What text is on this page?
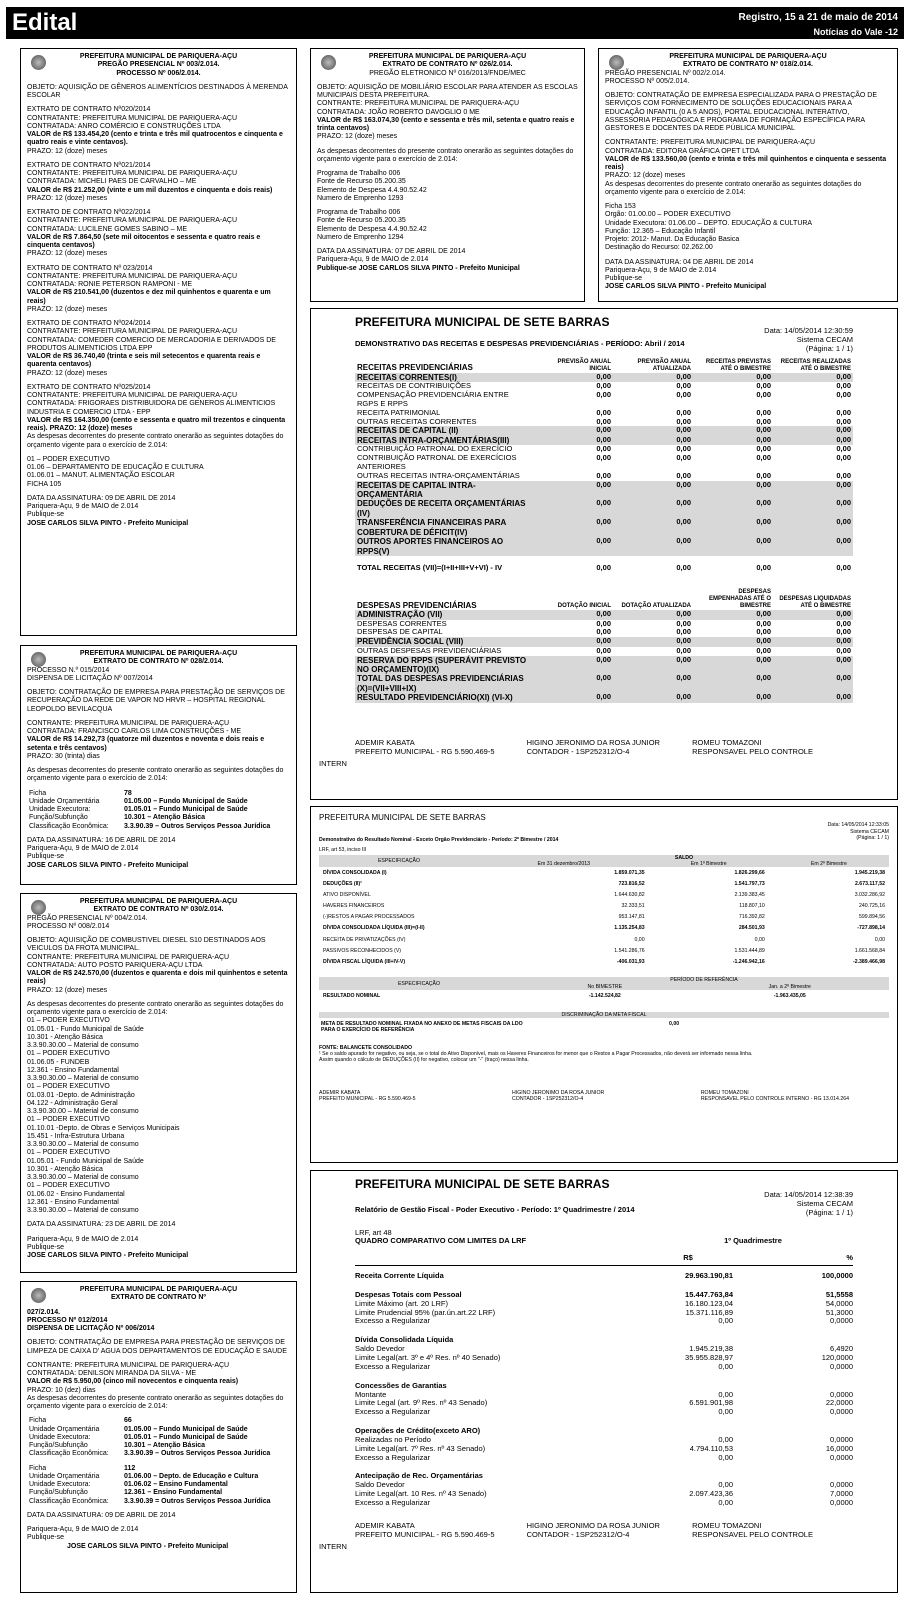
Edital	Registro, 15 a 21 de maio de 2014
Notícias do Vale -12

PREFEITURA MUNICIPAL DE PARIQUERA-AÇU

PREGÃO PRESENCIAL Nº 003/2.014.

PROCESSO Nº 006/2.014.

OBJETO: AQUISIÇÃO DE GÊNEROS ALIMENTÍCIOS DESTINADOS À MERENDA ESCOLAR

EXTRATO DE CONTRATO Nº020/2014

CONTRATANTE: PREFEITURA MUNICIPAL DE PARIQUERA-AÇU

CONTRATADA: ANRO COMÉRCIO E CONSTRUÇÕES LTDA

VALOR de R$ 133.454,20 (cento e trinta e três mil quatrocentos e cinquenta e quatro reais e vinte centavos).

PRAZO: 12 (doze) meses

EXTRATO DE CONTRATO Nº021/2014

CONTRATANTE: PREFEITURA MUNICIPAL DE PARIQUERA-AÇU

CONTRATADA: MICHELI PAES DE CARVALHO – ME

VALOR de R$ 21.252,00 (vinte e um mil duzentos e cinquenta e dois reais)

PRAZO: 12 (doze) meses

EXTRATO DE CONTRATO Nº022/2014

CONTRATANTE: PREFEITURA MUNICIPAL DE PARIQUERA-AÇU

CONTRATADA: LUCILENE GOMES SABINO – ME

VALOR de R$ 7.864,50 (sete mil oitocentos e sessenta e quatro reais e cinquenta centavos)

PRAZO: 12 (doze) meses

EXTRATO DE CONTRATO Nº 023/2014

CONTRATANTE: PREFEITURA MUNICIPAL DE PARIQUERA-AÇU

CONTRATADA: RONIE PETERSON RAMPONI - ME

VALOR de R$ 210.541,00 (duzentos e dez mil quinhentos e quarenta e um reais)

PRAZO: 12 (doze) meses

EXTRATO DE CONTRATO Nº024/2014

CONTRATANTE: PREFEITURA MUNICIPAL DE PARIQUERA-AÇU

CONTRATADA: COMEDER COMERCIO DE MERCADORIA E DERIVADOS DE PRODUTOS ALIMENTICIOS LTDA EPP

VALOR de R$ 36.740,40 (trinta e seis mil setecentos e quarenta reais e quarenta centavos)

PRAZO: 12 (doze) meses

EXTRATO DE CONTRATO Nº025/2014

CONTRATANTE: PREFEITURA MUNICIPAL DE PARIQUERA-AÇU

CONTRATADA: FRIGORAES DISTRIBUIDORA DE GENEROS ALIMENTICIOS INDUSTRIA E COMERCIO LTDA - EPP

VALOR de R$ 164.350,00 (cento e sessenta e quatro mil trezentos e cinquenta reais). PRAZO: 12 (doze) meses

As despesas decorrentes do presente contrato onerarão as seguintes dotações do orçamento vigente para o exercício de 2.014:

01 – PODER EXECUTIVO

01.06 – DEPARTAMENTO DE EDUCAÇÃO E CULTURA

01.06.01 – MANUT. ALIMENTAÇÃO ESCOLAR

FICHA 105

DATA DA ASSINATURA: 09 DE ABRIL DE 2014

Pariquera-Açu, 9 de MAIO de 2.014

Publique-se

JOSE CARLOS SILVA PINTO - Prefeito Municipal

PREFEITURA MUNICIPAL DE PARIQUERA-AÇU

EXTRATO DE CONTRATO Nº 026/2.014.

PREGÃO ELETRONICO Nº 016/2013/FNDE/MEC

OBJETO: AQUISIÇÃO DE MOBILIÁRIO ESCOLAR PARA ATENDER AS ESCOLAS MUNICIPAIS DESTA PREFEITURA.

CONTRANTE: PREFEITURA MUNICIPAL DE PARIQUERA-AÇU

CONTRATADA: JOÃO ROBERTO DAVOGLIO 0 ME

VALOR de R$ 163.074,30 (cento e sessenta e três mil, setenta e quatro reais e trinta centavos)

PRAZO: 12 (doze) meses

As despesas decorrentes do presente contrato onerarão as seguintes dotações do orçamento vigente para o exercício de 2.014:

Programa de Trabalho 006

Fonte de Recurso 05.200.35

Elemento de Despesa 4.4.90.52.42

Numero de Emprenho 1293

Programa de Trabalho 006

Fonte de Recurso 05.200.35

Elemento de Despesa 4.4.90.52.42

Numero de Emprenho 1294

DATA DA ASSINATURA: 07 DE ABRIL DE 2014

Pariquera-Açu, 9 de MAIO de 2.014

Publique-se JOSE CARLOS SILVA PINTO - Prefeito Municipal

PREFEITURA MUNICIPAL DE PARIQUERA-AÇU

EXTRATO DE CONTRATO Nº 018/2.014.

PREGÃO PRESENCIAL Nº 002/2.014.

PROCESSO Nº 005/2.014.

OBJETO: CONTRATAÇÃO DE EMPRESA ESPECIALIZADA PARA O PRESTAÇÃO DE SERVIÇOS COM FORNECIMENTO DE SOLUÇÕES EDUCACIONAIS PARA A EDUCAÇÃO INFANTIL (0 A 5 ANOS), PORTAL EDUCACIONAL INTERATIVO, ASSESSORIA PEDAGÓGICA E PROGRAMA DE FORMAÇÃO ESPECÍFICA PARA GESTORES E DOCENTES DA REDE PÚBLICA MUNICIPAL

CONTRATANTE: PREFEITURA MUNICIPAL DE PARIQUERA-AÇU

CONTRATADA: EDITORA GRÁFICA OPET LTDA

VALOR de R$ 133.560,00 (cento e trinta e três mil quinhentos e cinquenta e sessenta reais)

PRAZO: 12 (doze) meses

As despesas decorrentes do presente contrato onerarão as seguintes dotações do orçamento vigente para o exercício de 2.014:

Ficha 153

Orgão: 01.00.00 – PODER EXECUTIVO

Unidade Executora: 01.06.00 – DEPTO. EDUCAÇÃO & CULTURA

Função: 12.365 – Educação Infantil

Projeto: 2012- Manut. Da Educação Basica

Destinação do Recurso: 02.262.00

DATA DA ASSINATURA: 04 DE ABRIL DE 2014

Pariquera-Açu, 9 de MAIO de 2.014

Publique-se

JOSE CARLOS SILVA PINTO - Prefeito Municipal

PREFEITURA MUNICIPAL DE PARIQUERA-AÇU

EXTRATO DE CONTRATO Nº 028/2.014.

PROCESSO N.º 015/2014

DISPENSA DE LICITAÇÃO Nº 007/2014

OBJETO: CONTRATAÇÃO DE EMPRESA PARA PRESTAÇÃO DE SERVIÇOS DE RECUPERAÇÃO DA REDE DE VAPOR NO HRVR – HOSPITAL REGIONAL LEOPOLDO BEVILACQUA

CONTRANTE: PREFEITURA MUNICIPAL DE PARIQUERA-AÇU

CONTRATADA: FRANCISCO CARLOS LIMA CONSTRUÇÕES - ME

VALOR de R$ 14.292,73 (quatorze mil duzentos e noventa e dois reais e setenta e três centavos)

PRAZO: 30 (trinta) dias

As despesas decorrentes do presente contrato onerarão as seguintes dotações do orçamento vigente para o exercício de 2.014:

Ficha	78
Unidade Orçamentária	01.05.00 – Fundo Municipal de Saúde
Unidade Executora:	01.05.01 – Fundo Municipal de Saúde
Função/Subfunção	10.301 – Atenção Básica
Classificação Econômica:	3.3.90.39 – Outros Serviços Pessoa Jurídica

DATA DA ASSINATURA: 16 DE ABRIL DE 2014

Pariquera-Açu, 9 de MAIO de 2.014

Publique-se

JOSE CARLOS SILVA PINTO - Prefeito Municipal

PREFEITURA MUNICIPAL DE PARIQUERA-AÇU

EXTRATO DE CONTRATO Nº 030/2.014.

PREGÃO PRESENCIAL Nº 004/2.014.

PROCESSO Nº 008/2.014

OBJETO: AQUISIÇÃO DE COMBUSTIVEL DIESEL S10 DESTINADOS AOS VEICULOS DA FROTA MUNICIPAL.

CONTRANTE: PREFEITURA MUNICIPAL DE PARIQUERA-AÇU

CONTRATADA: AUTO POSTO PARIQUERA-AÇU LTDA

VALOR de R$ 242.570,00 (duzentos e quarenta e dois mil quinhentos e setenta reais)

PRAZO: 12 (doze) meses

As despesas decorrentes do presente contrato onerarão as seguintes dotações do orçamento vigente para o exercício de 2.014:

01 – PODER EXECUTIVO

01.05.01 - Fundo Municipal de Saúde

10.301 - Atenção Básica

3.3.90.30.00 – Material de consumo

01 – PODER EXECUTIVO

01.06.05 - FUNDEB

12.361 - Ensino Fundamental

3.3.90.30.00 – Material de consumo

01 – PODER EXECUTIVO

01.03.01 -Depto. de Administração

04.122 - Administração Geral

3.3.90.30.00 – Material de consumo

01 – PODER EXECUTIVO

01.10.01 -Depto. de Obras e Serviços Municipais

15.451 - Infra-Estrutura Urbana

3.3.90.30.00 – Material de consumo

01 – PODER EXECUTIVO

01.05.01 - Fundo Municipal de Saúde

10.301 - Atenção Básica

3.3.90.30.00 – Material de consumo

01 – PODER EXECUTIVO

01.06.02 - Ensino Fundamental

12.361 - Ensino Fundamental

3.3.90.30.00 – Material de consumo

DATA DA ASSINATURA: 23 DE ABRIL DE 2014

Pariquera-Açu, 9 de MAIO de 2.014

Publique-se

JOSE CARLOS SILVA PINTO - Prefeito Municipal

PREFEITURA MUNICIPAL DE PARIQUERA-AÇU

EXTRATO DE CONTRATO Nº

027/2.014.

PROCESSO Nº 012/2014

DISPENSA DE LICITAÇÃO Nº 006/2014

OBJETO: CONTRATAÇÃO DE EMPRESA PARA PRESTAÇÃO DE SERVIÇOS DE LIMPEZA DE CAIXA D' AGUA DOS DEPARTAMENTOS DE EDUCAÇÃO E SAUDE

CONTRANTE: PREFEITURA MUNICIPAL DE PARIQUERA-AÇU

CONTRATADA: DENILSON MIRANDA DA SILVA - ME

VALOR de R$ 5.950,00 (cinco mil novecentos e cinquenta reais)

PRAZO: 10 (dez) dias

As despesas decorrentes do presente contrato onerarão as seguintes dotações do orçamento vigente para o exercício de 2.014:

Ficha	66
Unidade Orçamentária	01.05.00 – Fundo Municipal de Saúde
Unidade Executora:	01.05.01 – Fundo Municipal de Saúde
Função/Subfunção	10.301 – Atenção Básica
Classificação Econômica:	3.3.90.39 – Outros Serviços Pessoa Jurídica
Ficha	112
Unidade Orçamentária	01.06.00 – Depto. de Educação e Cultura
Unidade Executora:	01.06.02 – Ensino Fundamental
Função/Subfunção	12.361 – Ensino Fundamental
Classificação Econômica:	3.3.90.39 = Outros Serviços Pessoa Jurídica

DATA DA ASSINATURA: 09 DE ABRIL DE 2014

Pariquera-Açu, 9 de MAIO de 2.014

Publique-se

JOSE CARLOS SILVA PINTO - Prefeito Municipal

PREFEITURA MUNICIPAL DE SETE BARRAS
Data: 14/05/2014 12:30:59
Sistema CECAM
(Página: 1 / 1)
DEMONSTRATIVO DAS RECEITAS E DESPESAS PREVIDENCIÁRIAS - PERÍODO: Abril / 2014
RECEITAS PREVIDENCIÁRIAS	PREVISÃO ANUAL INICIAL	PREVISÃO ANUAL ATUALIZADA	RECEITAS PREVISTAS ATÉ O BIMESTRE	RECEITAS REALIZADAS ATÉ O BIMESTRE
RECEITAS CORRENTES(I)	0,00	0,00	0,00	0,00
RECEITAS DE CONTRIBUIÇÕES	0,00	0,00	0,00	0,00
COMPENSAÇÃO PREVIDENCIÁRIA ENTRE RGPS E RPPS	0,00	0,00	0,00	0,00
RECEITA PATRIMONIAL	0,00	0,00	0,00	0,00
OUTRAS RECEITAS CORRENTES	0,00	0,00	0,00	0,00
RECEITAS DE CAPITAL (II)	0,00	0,00	0,00	0,00
RECEITAS INTRA-ORÇAMENTÁRIAS(III)	0,00	0,00	0,00	0,00
CONTRIBUIÇÃO PATRONAL DO EXERCÍCIO	0,00	0,00	0,00	0,00
CONTRIBUIÇÃO PATRONAL DE EXERCÍCIOS ANTERIORES	0,00	0,00	0,00	0,00
OUTRAS RECEITAS INTRA-ORÇAMENTÁRIAS	0,00	0,00	0,00	0,00
RECEITAS DE CAPITAL INTRA-ORÇAMENTÁRIA	0,00	0,00	0,00	0,00
DEDUÇÕES DE RECEITA ORÇAMENTÁRIAS (IV)	0,00	0,00	0,00	0,00
TRANSFERÊNCIA FINANCEIRAS PARA COBERTURA DE DÉFICIT(IV)	0,00	0,00	0,00	0,00
OUTROS APORTES FINANCEIROS AO RPPS(V)	0,00	0,00	0,00	0,00
TOTAL RECEITAS (VII)=(I+II+III+V+VI) - IV	0,00	0,00	0,00	0,00
DESPESAS PREVIDENCIÁRIAS	DOTAÇÃO INICIAL	DOTAÇÃO ATUALIZADA	DESPESAS EMPENHADAS ATÉ O BIMESTRE	DESPESAS LIQUIDADAS ATÉ O BIMESTRE
ADMINISTRAÇÃO (VII)	0,00	0,00	0,00	0,00
DESPESAS CORRENTES	0,00	0,00	0,00	0,00
DESPESAS DE CAPITAL	0,00	0,00	0,00	0,00
PREVIDÊNCIA SOCIAL (VIII)	0,00	0,00	0,00	0,00
OUTRAS DESPESAS PREVIDENCIÁRIAS	0,00	0,00	0,00	0,00
RESERVA DO RPPS (SUPERÁVIT PREVISTO NO ORÇAMENTO)(IX)	0,00	0,00	0,00	0,00
TOTAL DAS DESPESAS PREVIDENCIÁRIAS (X)=(VII+VIII+IX)	0,00	0,00	0,00	0,00
RESULTADO PREVIDENCIÁRIO(XI) (VI-X)	0,00	0,00	0,00	0,00
ADEMIR KABATA
PREFEITO MUNICIPAL - RG 5.590.469-5
HIGINO JERONIMO DA ROSA JUNIOR
CONTADOR - 1SP252312/O-4
ROMEU TOMAZONI
RESPONSAVEL PELO CONTROLE
INTERN
PREFEITURA MUNICIPAL DE SETE BARRAS
Data: 14/05/2014 12:33:05
Sistema CECAM
(Página: 1 / 1)
Demonstrativo do Resultado Nominal - Exceto Orgão Previdenciário - Período: 2º Bimestre / 2014
LRF, art 53, inciso III
ESPECIFICAÇÃO	SALDO		
	Em 31 dezembro/2013	Em 1º Bimestre	Em 2º Bimestre
DÍVIDA CONSOLIDADA (I)	1.859.071,35	1.826.299,66	1.945.219,38
DEDUÇÕES (II)¹	723.816,52	1.541.797,73	2.673.117,52
ATIVO DISPONÍVEL	1.644.630,82	2.139.383,45	3.032.286,92
HAVERES FINANCEIROS	32.333,51	118.807,10	240.725,16
(-)RESTOS A PAGAR PROCESSADOS	953.147,81	716.392,82	599.894,56
DÍVIDA CONSOLIDADA LÍQUIDA (III)=(I-II)	1.135.254,83	284.501,93	-727.898,14
RECEITA DE PRIVATIZAÇÕES (IV)	0,00	0,00	0,00
PASSIVOS RECONHECIDOS (V)	1.541.286,76	1.531.444,89	1.661.568,84
DÍVIDA FISCAL LÍQUIDA (III+IV-V)	-406.031,93	-1.246.942,16	-2.389.466,98
ESPECIFICAÇÃO	PERÍODO DE REFERÊNCIA	
	No BIMESTRE	Jan. a 2º Bimestre
RESULTADO NOMINAL	-1.142.524,82	-1.963.435,05
DISCRIMINAÇÃO DA META FISCAL
META DE RESULTADO NOMINAL FIXADA NO ANEXO DE METAS FISCAIS DA LDO PARA O EXERCÍCIO DE REFERÊNCIA	0,00
FONTE: BALANCETE CONSOLIDADO
¹ Se o saldo apurado for negativo, ou seja, se o total do Ativo Disponível, mais os Haveres Financeiros for menor que o Restos a Pagar Processados, não deverá ser informado nessa linha.
Assim quando o cálculo de DEDUÇÕES (II) for negativo, colocar um "-" (traço) nessa linha.
ADEMIR KABATA
PREFEITO MUNICIPAL - RG 5.590.469-5
HIGINO JERONIMO DA ROSA JUNIOR
CONTADOR - 1SP252312/O-4
ROMEU TOMAZONI
RESPONSAVEL PELO CONTROLE INTERNO - RG 13.014.264
PREFEITURA MUNICIPAL DE SETE BARRAS
Data: 14/05/2014 12:38:39
Sistema CECAM
(Página: 1 / 1)
Relatório de Gestão Fiscal - Poder Executivo - Período: 1º Quadrimestre / 2014
LRF, art 48
QUADRO COMPARATIVO COM LIMITES DA LRF	1º Quadrimestre
R$	%
Receita Corrente Líquida	29.963.190,81	100,0000
Despesas Totais com Pessoal	15.447.763,84	51,5558
Limite Máximo (art. 20 LRF)	16.180.123,04	54,0000
Limite Prudencial 95% (par.ún.art.22 LRF)	15.371.116,89	51,3000
Excesso a Regularizar	0,00	0,0000
Dívida Consolidada Líquida
Saldo Devedor	1.945.219,38	6,4920
Limite Legal(art. 3º e 4º Res. nº 40 Senado)	35.955.828,97	120,0000
Excesso a Regularizar	0,00	0,0000
Concessões de Garantias
Montante	0,00	0,0000
Limite Legal (art. 9º Res. nº 43 Senado)	6.591.901,98	22,0000
Excesso a Regularizar	0,00	0,0000
Operações de Crédito(exceto ARO)
Realizadas no Período	0,00	0,0000
Limite Legal(art. 7º Res. nº 43 Senado)	4.794.110,53	16,0000
Excesso a Regularizar	0,00	0,0000
Antecipação de Rec. Orçamentárias
Saldo Devedor	0,00	0,0000
Limite Legal(art. 10 Res. nº 43 Senado)	2.097.423,36	7,0000
Excesso a Regularizar	0,00	0,0000
ADEMIR KABATA
PREFEITO MUNICIPAL - RG 5.590.469-5
HIGINO JERONIMO DA ROSA JUNIOR
CONTADOR - 1SP252312/O-4
ROMEU TOMAZONI
RESPONSAVEL PELO CONTROLE
INTERN
